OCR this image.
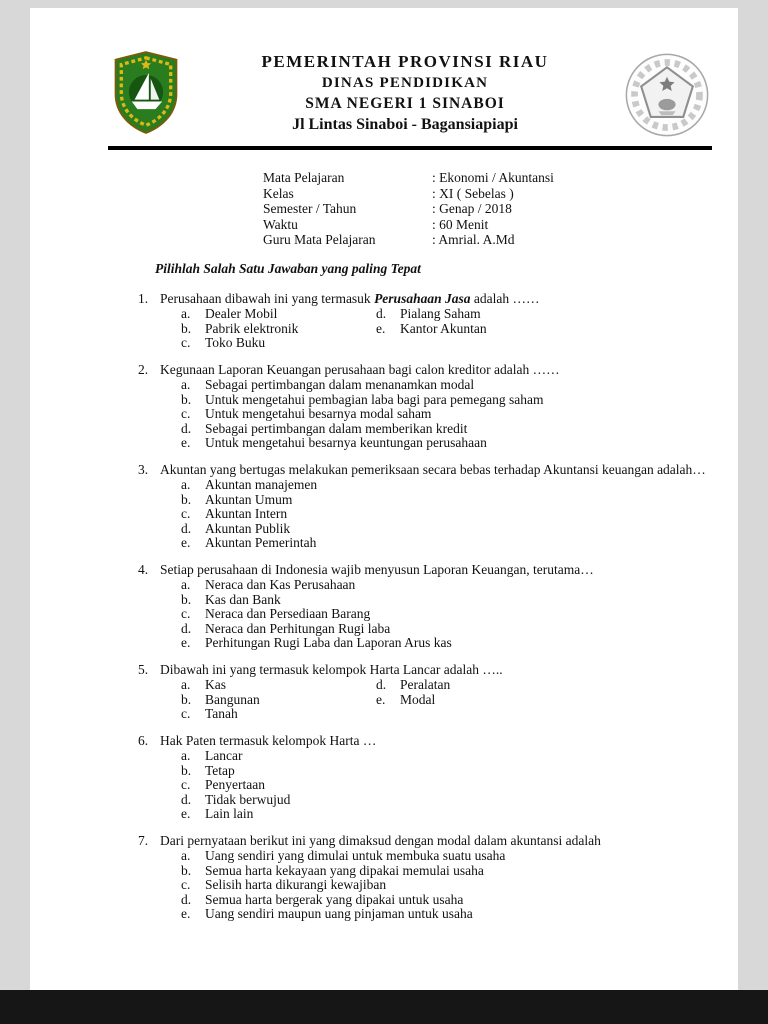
PEMERINTAH PROVINSI RIAU
DINAS PENDIDIKAN
SMA NEGERI 1 SINABOI
Jl Lintas Sinaboi - Bagansiapiapi
Mata Pelajaran	: Ekonomi / Akuntansi
Kelas	: XI ( Sebelas )
Semester / Tahun	: Genap / 2018
Waktu	: 60 Menit
Guru Mata Pelajaran	: Amrial. A.Md
Pilihlah Salah Satu Jawaban yang paling Tepat
1. Perusahaan dibawah ini yang termasuk Perusahaan Jasa adalah ……
a.	Dealer Mobil
b.	Pabrik elektronik
c.	Toko Buku
d.	Pialang Saham
e.	Kantor Akuntan
2. Kegunaan Laporan Keuangan perusahaan bagi calon kreditor adalah ……
a.	Sebagai pertimbangan dalam menanamkan modal
b.	Untuk mengetahui pembagian laba bagi para pemegang saham
c.	Untuk mengetahui besarnya modal saham
d.	Sebagai pertimbangan dalam memberikan kredit
e.	Untuk mengetahui besarnya keuntungan perusahaan
3. Akuntan yang bertugas melakukan pemeriksaan secara bebas terhadap Akuntansi keuangan adalah…
a.	Akuntan manajemen
b.	Akuntan Umum
c.	Akuntan Intern
d.	Akuntan Publik
e.	Akuntan Pemerintah
4. Setiap perusahaan di Indonesia wajib menyusun Laporan Keuangan, terutama…
a.	Neraca dan Kas Perusahaan
b.	Kas dan Bank
c.	Neraca dan Persediaan Barang
d.	Neraca dan Perhitungan Rugi laba
e.	Perhitungan Rugi Laba dan Laporan Arus kas
5. Dibawah ini yang termasuk kelompok Harta Lancar adalah …..
a.	Kas
b.	Bangunan
c.	Tanah
d.	Peralatan
e.	Modal
6. Hak Paten termasuk kelompok Harta …
a.	Lancar
b.	Tetap
c.	Penyertaan
d.	Tidak berwujud
e.	Lain lain
7. Dari pernyataan berikut ini yang dimaksud dengan modal dalam akuntansi adalah
a.	Uang sendiri yang dimulai untuk membuka suatu usaha
b.	Semua harta kekayaan yang dipakai memulai usaha
c.	Selisih harta dikurangi kewajiban
d.	Semua harta bergerak yang dipakai untuk usaha
e.	Uang sendiri maupun uang pinjaman untuk usaha
